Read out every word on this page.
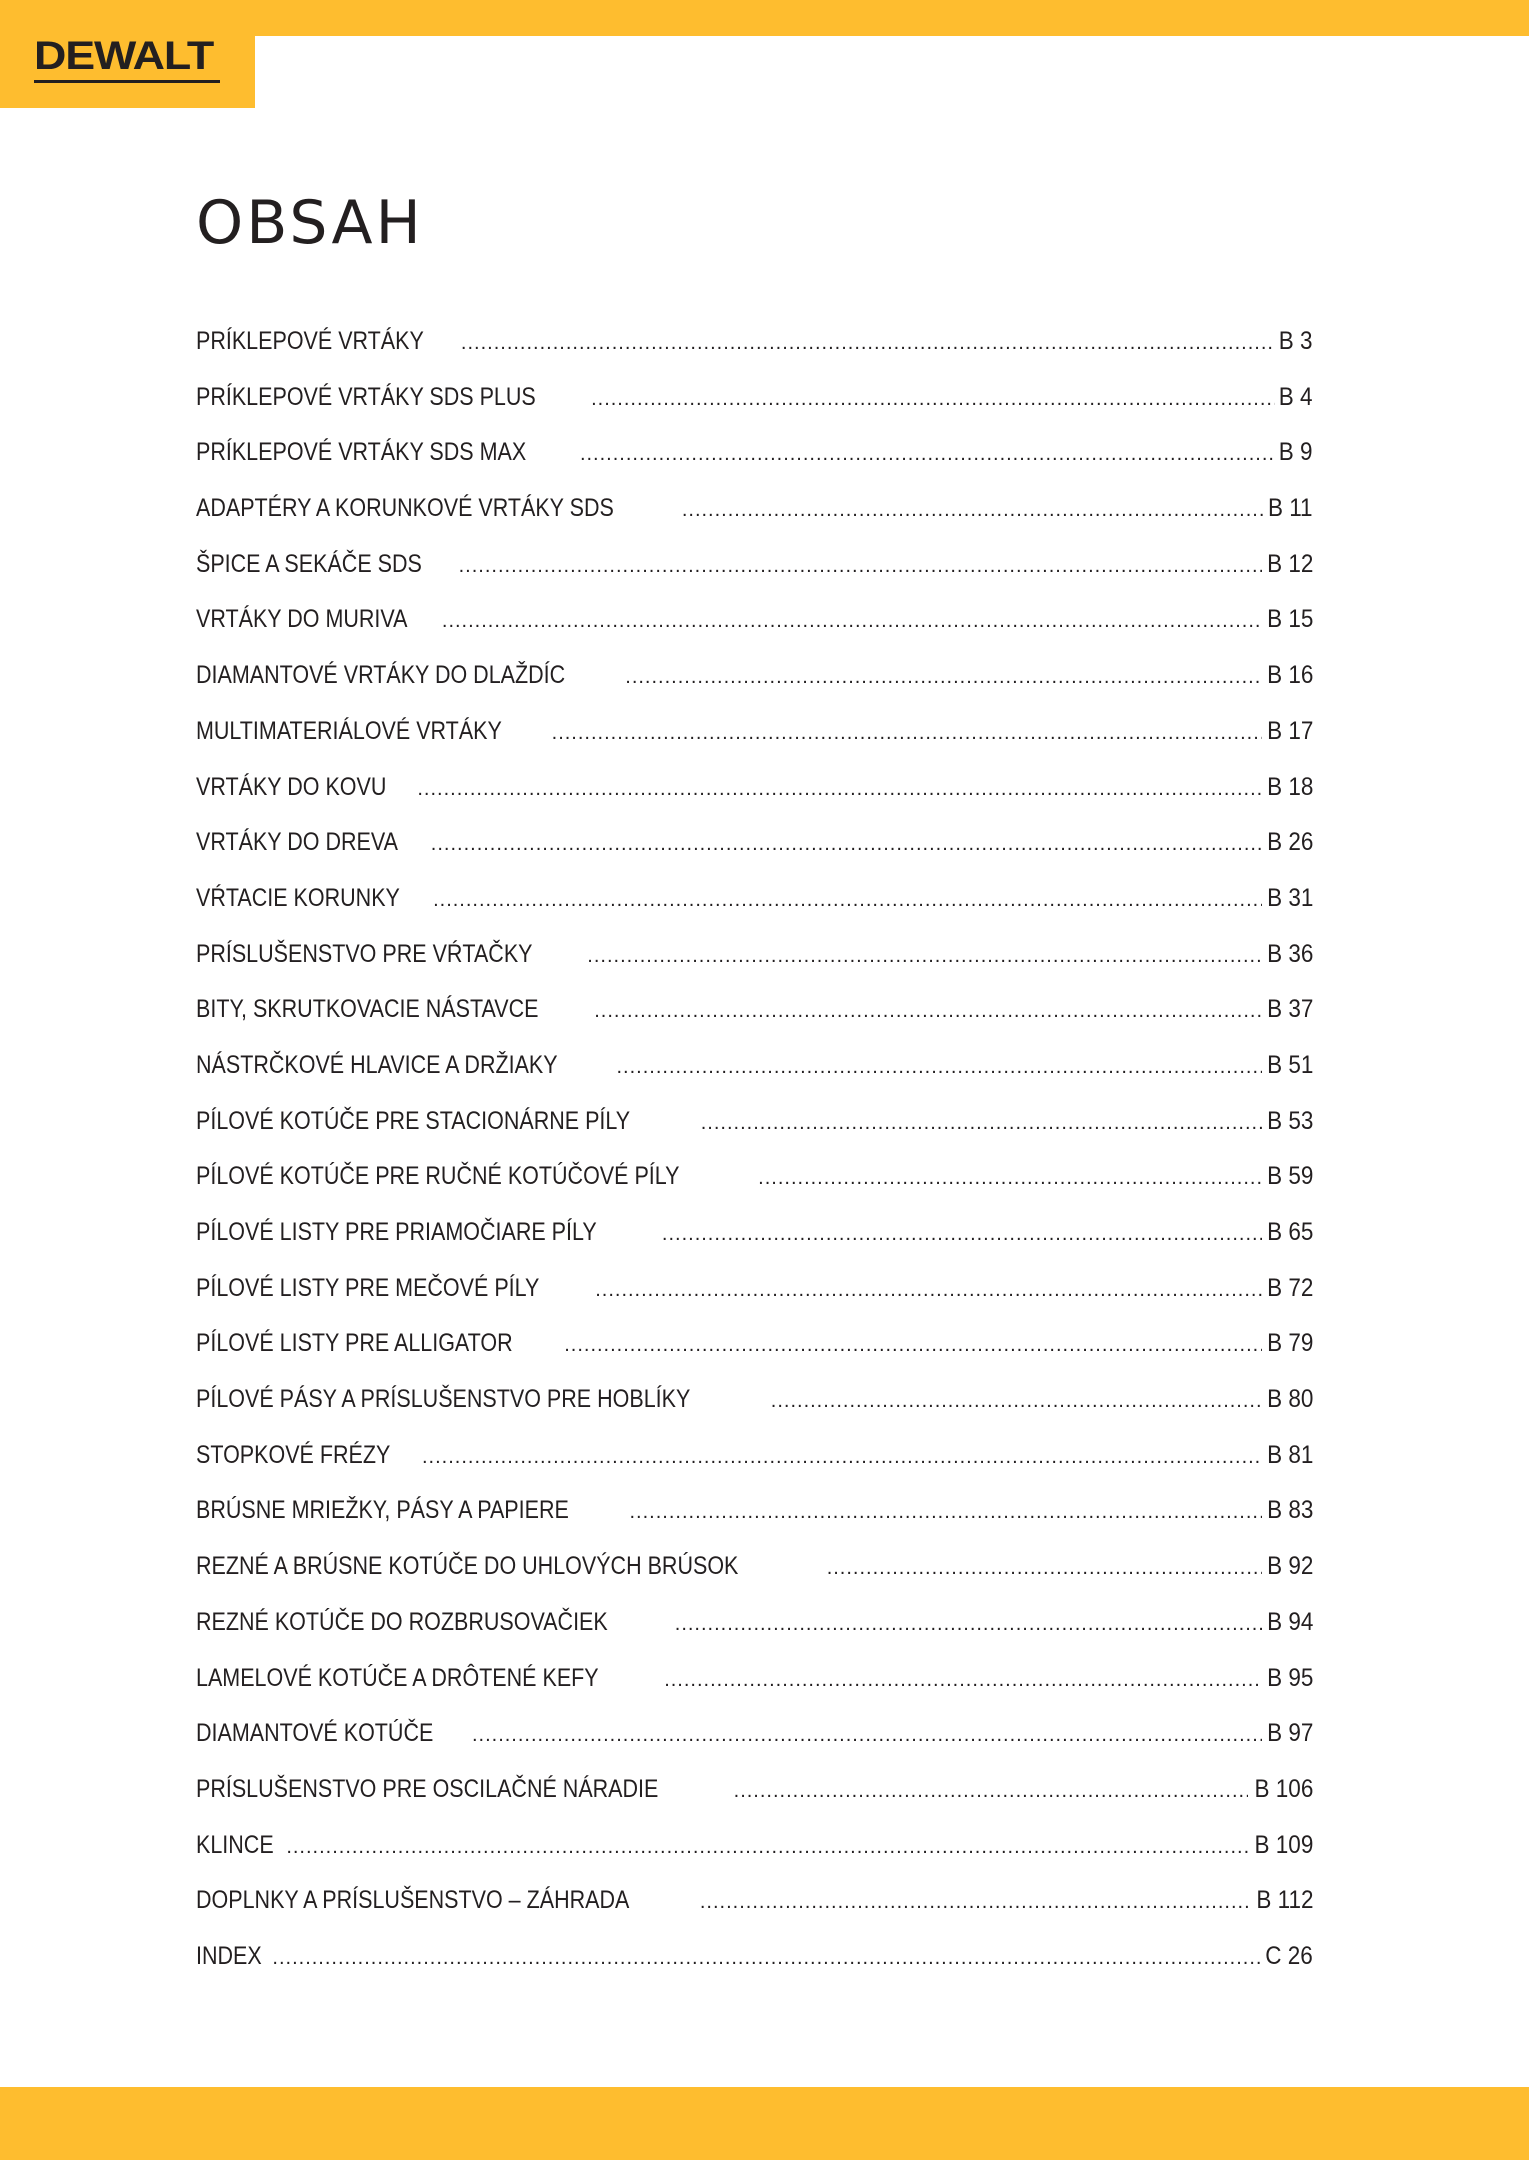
DEWALT
OBSAH
PRÍKLEPOVÉ VRTÁKY .....	B 3
PRÍKLEPOVÉ VRTÁKY SDS PLUS .....	B 4
PRÍKLEPOVÉ VRTÁKY SDS MAX .....	B 9
ADAPTÉRY A KORUNKOVÉ VRTÁKY SDS .....	B 11
ŠPICE A SEKÁČE SDS .....	B 12
VRTÁKY DO MURIVA .....	B 15
DIAMANTOVÉ VRTÁKY DO DLAŽDÍC .....	B 16
MULTIMATERIÁLOVÉ VRTÁKY .....	B 17
VRTÁKY DO KOVU .....	B 18
VRTÁKY DO DREVA .....	B 26
VŔTACIE KORUNKY .....	B 31
PRÍSLUŠENSTVO PRE VŔTAČKY .....	B 36
BITY, SKRUTKOVACIE NÁSTAVCE .....	B 37
NÁSTRČKOVÉ HLAVICE A DRŽIAKY .....	B 51
PÍLOVÉ KOTÚČE PRE STACIONÁRNE PÍLY .....	B 53
PÍLOVÉ KOTÚČE PRE RUČNÉ KOTÚČOVÉ PÍLY .....	B 59
PÍLOVÉ LISTY PRE PRIAMOČIARE PÍLY .....	B 65
PÍLOVÉ LISTY PRE MEČOVÉ PÍLY .....	B 72
PÍLOVÉ LISTY PRE ALLIGATOR .....	B 79
PÍLOVÉ PÁSY A PRÍSLUŠENSTVO PRE HOBLÍKY .....	B 80
STOPKOVÉ FRÉZY .....	B 81
BRÚSNE MRIEŽKY, PÁSY A PAPIERE .....	B 83
REZNÉ A BRÚSNE KOTÚČE DO UHLOVÝCH BRÚSOK .....	B 92
REZNÉ KOTÚČE DO ROZBRUSOVAČIEK .....	B 94
LAMELOVÉ KOTÚČE A DRÔTENÉ KEFY .....	B 95
DIAMANTOVÉ KOTÚČE .....	B 97
PRÍSLUŠENSTVO PRE OSCILAČNÉ NÁRADIE .....	B 106
KLINCE .....	B 109
DOPLNKY A PRÍSLUŠENSTVO – ZÁHRADA .....	B 112
INDEX .....	C 26
